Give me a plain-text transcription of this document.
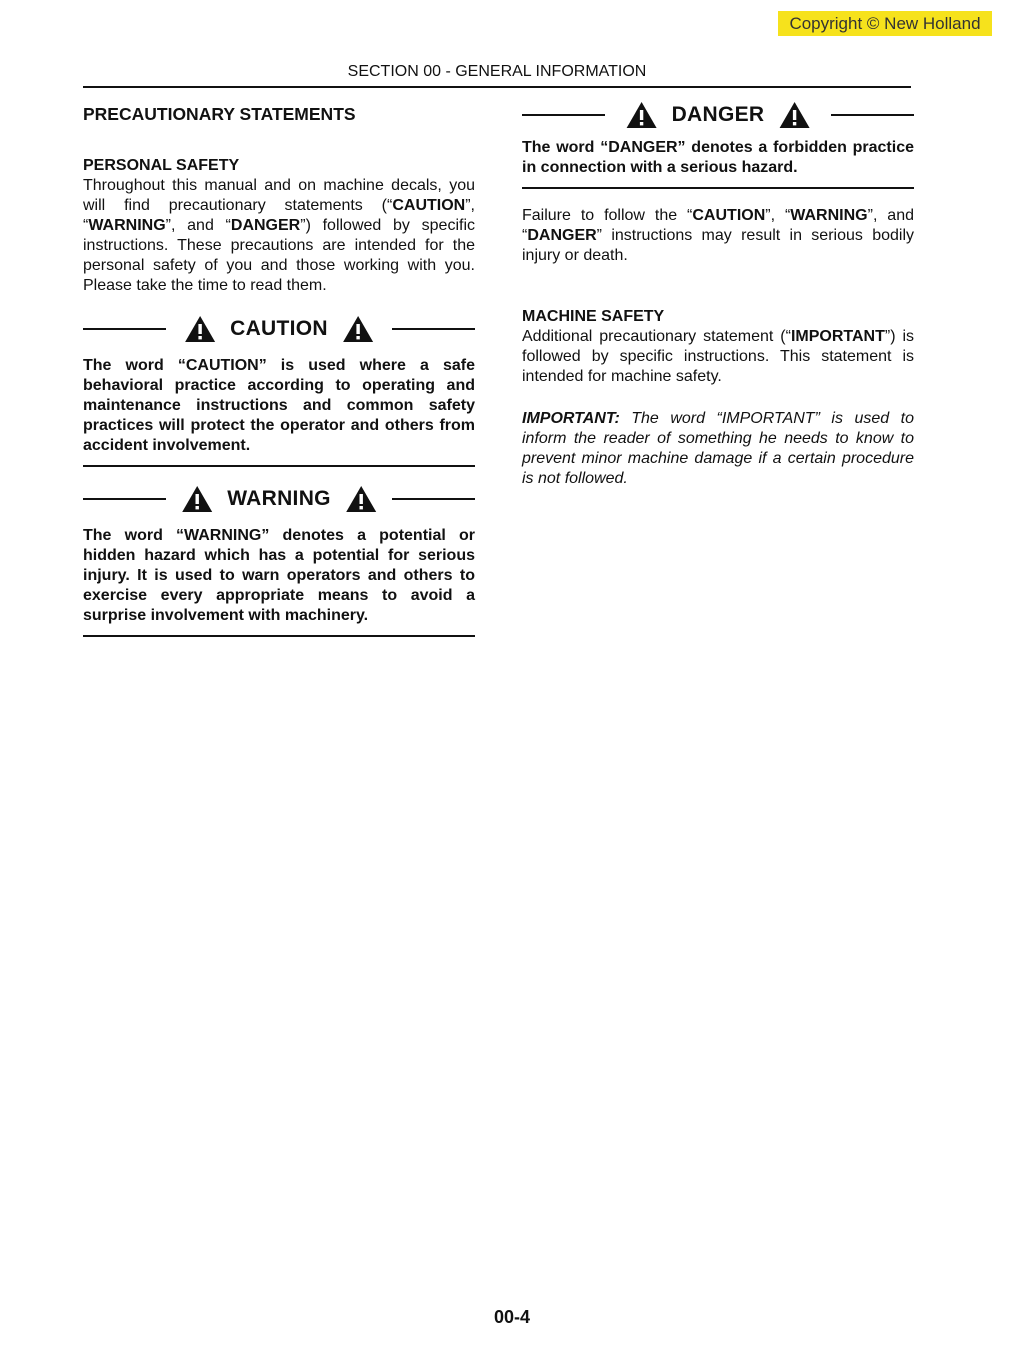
Copyright © New Holland
SECTION 00 - GENERAL INFORMATION
PRECAUTIONARY STATEMENTS
PERSONAL SAFETY
Throughout this manual and on machine decals, you will find precautionary statements (“CAUTION”, “WARNING”, and “DANGER”) followed by specific instructions. These precautions are intended for the personal safety of you and those working with you. Please take the time to read them.
CAUTION
The word “CAUTION” is used where a safe behavioral practice according to operating and maintenance instructions and common safety practices will protect the operator and others from accident involvement.
WARNING
The word “WARNING” denotes a potential or hidden hazard which has a potential for serious injury. It is used to warn operators and others to exercise every appropriate means to avoid a surprise involvement with machinery.
DANGER
The word “DANGER” denotes a forbidden practice in connection with a serious hazard.
Failure to follow the “CAUTION”, “WARNING”, and “DANGER” instructions may result in serious bodily injury or death.
MACHINE SAFETY
Additional precautionary statement (“IMPORTANT”) is followed by specific instructions. This statement is intended for machine safety.
IMPORTANT: The word “IMPORTANT” is used to inform the reader of something he needs to know to prevent minor machine damage if a certain procedure is not followed.
00-4
